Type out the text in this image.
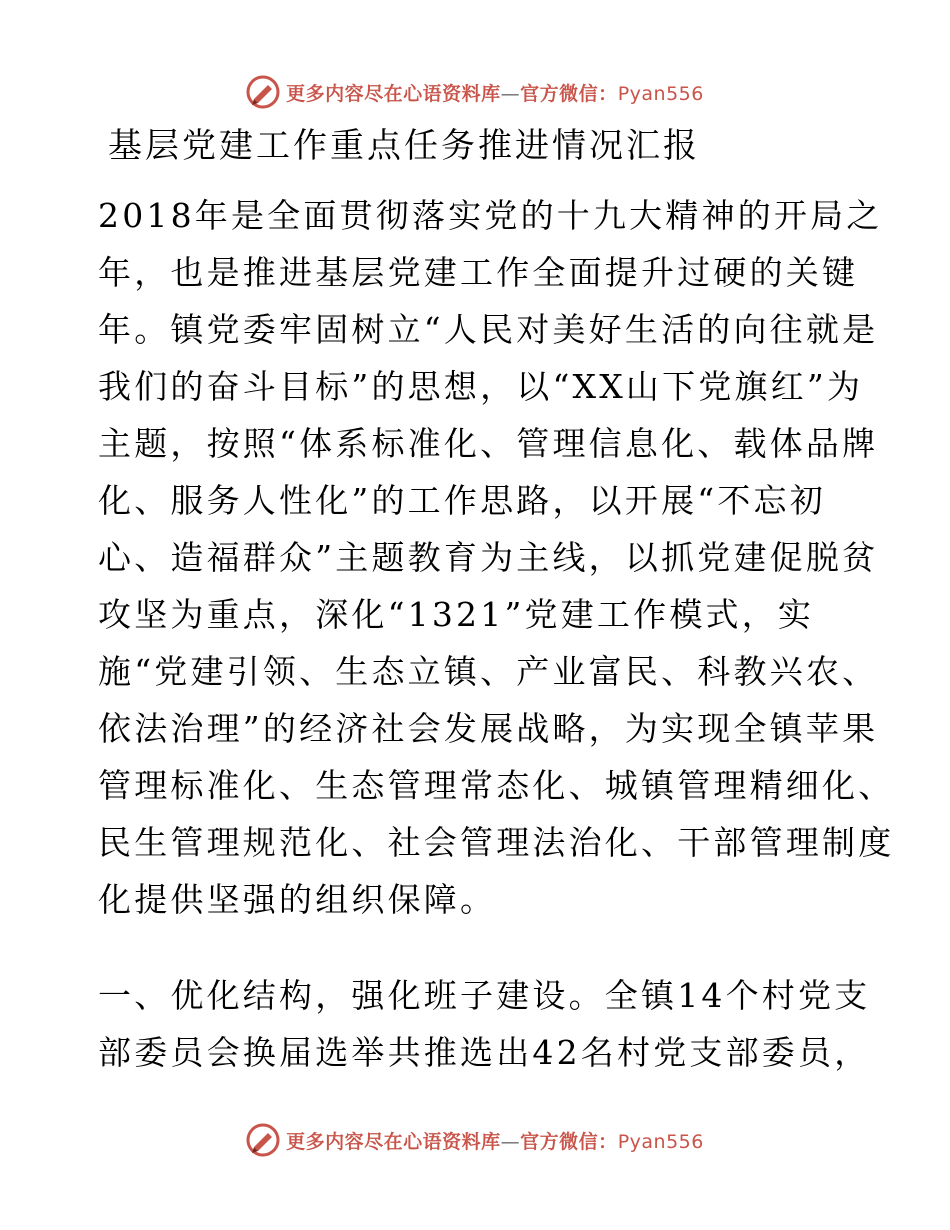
更多内容尽在心语资料库—官方微信：Pyan556
基层党建工作重点任务推进情况汇报
2018年是全面贯彻落实党的十九大精神的开局之
年，也是推进基层党建工作全面提升过硬的关键
年。镇党委牢固树立“人民对美好生活的向往就是
我们的奋斗目标”的思想，以“XX山下党旗红”为
主题，按照“体系标准化、管理信息化、载体品牌
化、服务人性化”的工作思路，以开展“不忘初
心、造福群众”主题教育为主线，以抓党建促脱贫
攻坚为重点，深化“1321”党建工作模式，实
施“党建引领、生态立镇、产业富民、科教兴农、
依法治理”的经济社会发展战略，为实现全镇苹果
管理标准化、生态管理常态化、城镇管理精细化、
民生管理规范化、社会管理法治化、干部管理制度
化提供坚强的组织保障。
一、优化结构，强化班子建设。全镇14个村党支
部委员会换届选举共推选出42名村党支部委员，
更多内容尽在心语资料库—官方微信：Pyan556
